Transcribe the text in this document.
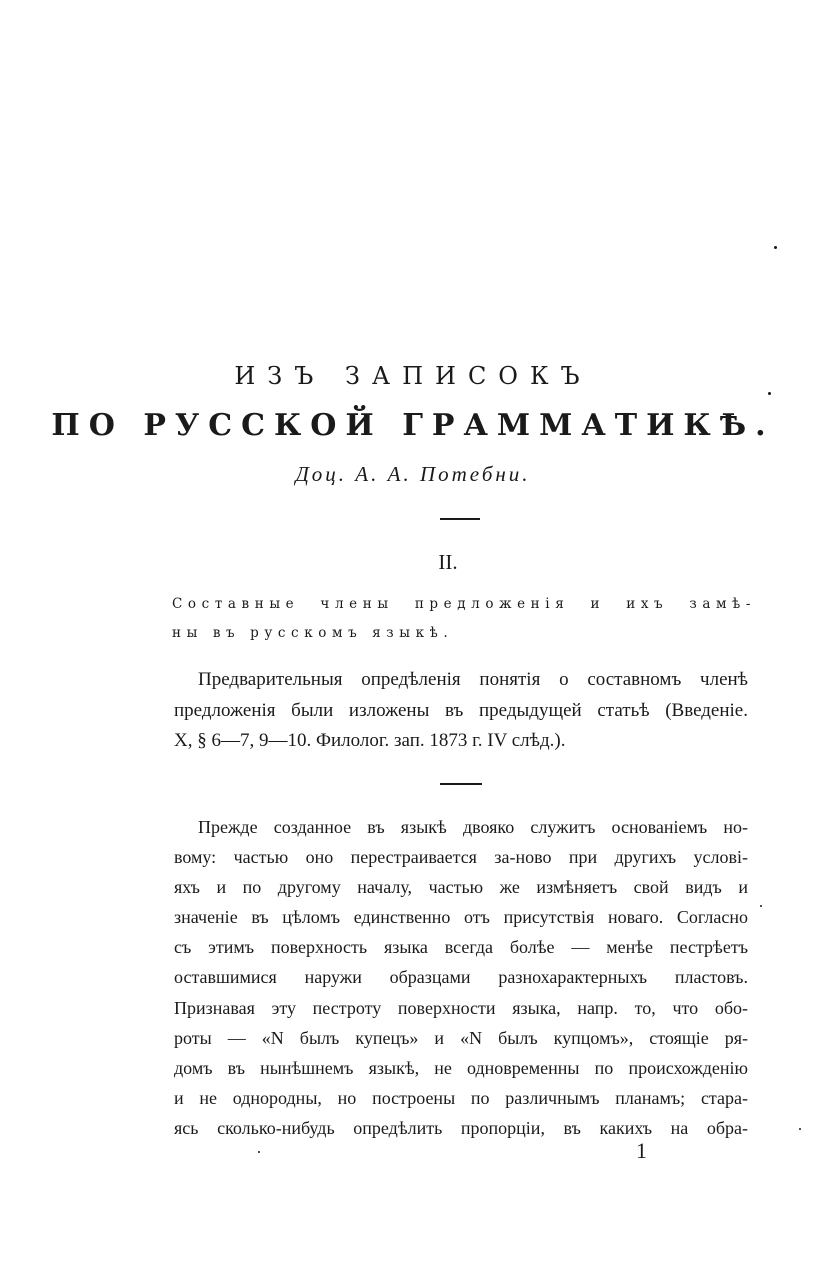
ИЗЪ ЗАПИСОКЪ
ПО РУССКОЙ ГРАММАТИКѢ.
Доц. А. А. Потебни.
II.
Составные члены предложенія и ихъ замѣ-
ны въ русскомъ языкѣ.
Предварительныя опредѣленія понятія о составномъ членѣ
предложенія были изложены въ предыдущей статьѣ (Введеніе.
X, § 6—7, 9—10. Филолог. зап. 1873 г. IV слѣд.).
Прежде созданное въ языкѣ двояко служитъ основаніемъ но-
вому: частью оно перестраивается за-ново при другихъ услові-
яхъ и по другому началу, частью же измѣняетъ свой видъ и
значеніе въ цѣломъ единственно отъ присутствія новаго. Согласно
съ этимъ поверхность языка всегда болѣе — менѣе пестрѣетъ
оставшимися наружи образцами разнохарактерныхъ пластовъ.
Признавая эту пестроту поверхности языка, напр. то, что обо-
роты — «N былъ купецъ» и «N былъ купцомъ», стоящіе ря-
домъ въ нынѣшнемъ языкѣ, не одновременны по происхожденію
и не однородны, но построены по различнымъ планамъ; стара-
ясь сколько-нибудь опредѣлить пропорціи, въ какихъ на обра-
1
